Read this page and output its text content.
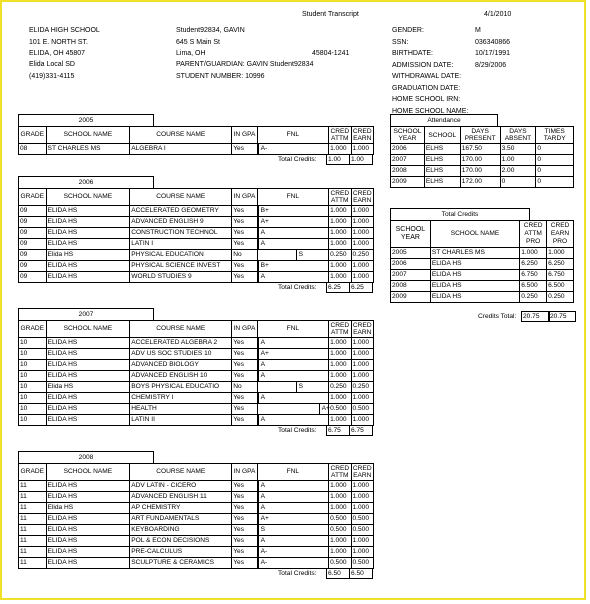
Student Transcript	4/1/2010
ELIDA HIGH SCHOOL
101 E. NORTH ST.
ELIDA, OH 45807
Elida Local SD
(419)331-4115
Student92834, GAVIN
645 S Main St
Lima, OH	45804-1241
PARENT/GUARDIAN: GAVIN Student92834
STUDENT NUMBER: 10996
GENDER:	M
SSN:	036340866
BIRTHDATE:	10/17/1991
ADMISSION DATE:	8/29/2006
WITHDRAWAL DATE:
GRADUATION DATE:
HOME SCHOOL IRN:
HOME SCHOOL NAME:
2005
GRADE	SCHOOL NAME	COURSE NAME	IN GPA	FNL	CRED ATTM	CRED EARN
08	ST CHARLES MS	ALGEBRA I	Yes	A-	1.000	1.000
Total Credits:	1.00	1.00
2006
GRADE	SCHOOL NAME	COURSE NAME	IN GPA	FNL	CRED ATTM	CRED EARN
09	ELIDA HS	ACCELERATED GEOMETRY	Yes	B+	1.000	1.000
09	ELIDA HS	ADVANCED ENGLISH 9	Yes	A+	1.000	1.000
09	ELIDA HS	CONSTRUCTION TECHNOL	Yes	A	1.000	1.000
09	ELIDA HS	LATIN I	Yes	A	1.000	1.000
09	Elida HS	PHYSICAL EDUCATION	No	S	0.250	0.250
09	ELIDA HS	PHYSICAL SCIENCE INVEST	Yes	B+	1.000	1.000
09	ELIDA HS	WORLD STUDIES 9	Yes	A	1.000	1.000
Total Credits:	6.25	6.25
2007
GRADE	SCHOOL NAME	COURSE NAME	IN GPA	FNL	CRED ATTM	CRED EARN
10	ELIDA HS	ACCELERATED ALGEBRA 2	Yes	A	1.000	1.000
10	ELIDA HS	ADV US SOC STUDIES 10	Yes	A+	1.000	1.000
10	ELIDA HS	ADVANCED BIOLOGY	Yes	A	1.000	1.000
10	ELIDA HS	ADVANCED ENGLISH 10	Yes	A	1.000	1.000
10	Elida HS	BOYS PHYSICAL EDUCATIO	No	S	0.250	0.250
10	ELIDA HS	CHEMISTRY I	Yes	A	1.000	1.000
10	ELIDA HS	HEALTH	Yes	A+	0.500	0.500
10	ELIDA HS	LATIN II	Yes	A	1.000	1.000
Total Credits:	6.75	6.75
2008
GRADE	SCHOOL NAME	COURSE NAME	IN GPA	FNL	CRED ATTM	CRED EARN
11	ELIDA HS	ADV LATIN - CICERO	Yes	A	1.000	1.000
11	ELIDA HS	ADVANCED ENGLISH 11	Yes	A	1.000	1.000
11	Elida HS	AP CHEMISTRY	Yes	A	1.000	1.000
11	ELIDA HS	ART FUNDAMENTALS	Yes	A+	0.500	0.500
11	ELIDA HS	KEYBOARDING	Yes	S	0.500	0.500
11	ELIDA HS	POL & ECON DECISIONS	Yes	A	1.000	1.000
11	ELIDA HS	PRE-CALCULUS	Yes	A-	1.000	1.000
11	ELIDA HS	SCULPTURE & CERAMICS	Yes	A-	0.500	0.500
Total Credits:	6.50	6.50
Attendance
SCHOOL YEAR	SCHOOL	DAYS PRESENT	DAYS ABSENT	TIMES TARDY
2006	ELHS	167.50	3.50	0
2007	ELHS	170.00	1.00	0
2008	ELHS	170.00	2.00	0
2009	ELHS	172.00	0	0
Total Credits
SCHOOL YEAR	SCHOOL NAME	CRED ATTM PRO	CRED EARN PRO
2005	ST CHARLES MS	1.000	1.000
2006	ELIDA HS	6.250	6.250
2007	ELIDA HS	6.750	6.750
2008	ELIDA HS	6.500	6.500
2009	ELIDA HS	0.250	0.250
Credits Total:	20.75	20.75
